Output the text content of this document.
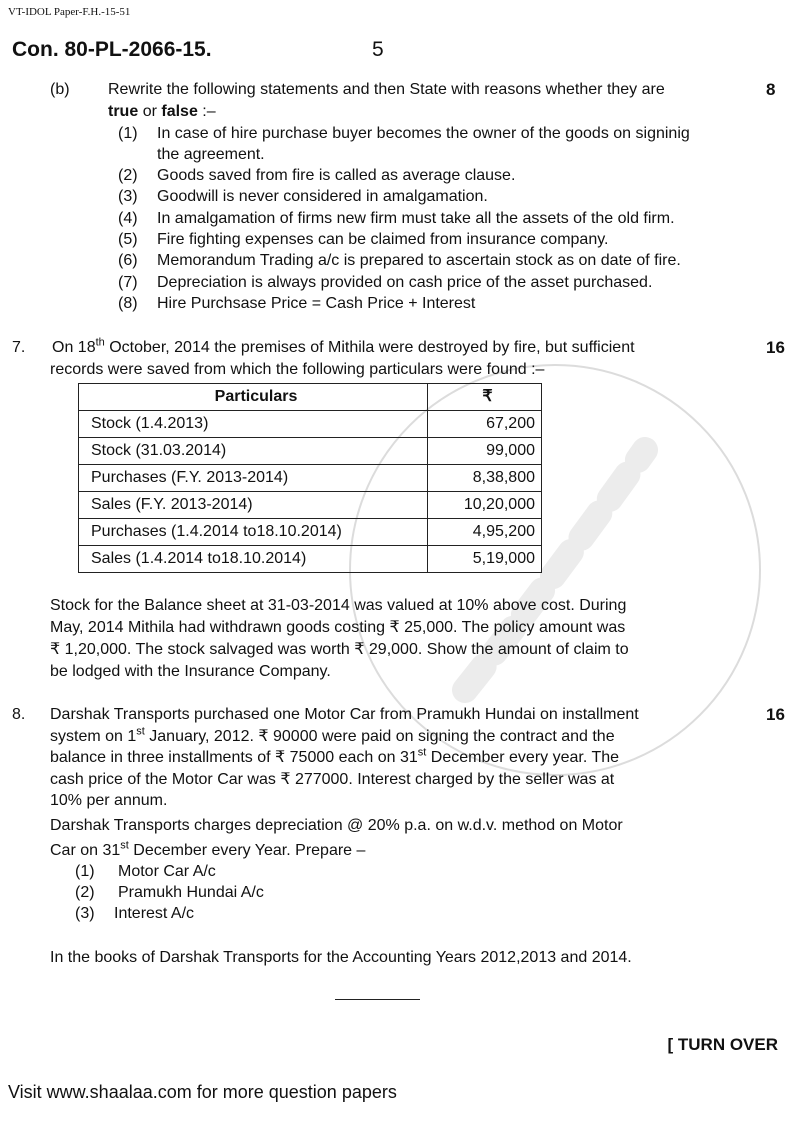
VT-IDOL Paper-F.H.-15-51
Con. 80-PL-2066-15.	5
(b) Rewrite the following statements and then State with reasons whether they are	8
true or false :–
(1) In case of hire purchase buyer becomes the owner of the goods on signinig
the agreement.
(2) Goods saved from fire is called as average clause.
(3) Goodwill is never considered in amalgamation.
(4) In amalgamation of firms new firm must take all the assets of the old firm.
(5) Fire fighting expenses can be claimed from insurance company.
(6) Memorandum Trading a/c is prepared to ascertain stock as on date of fire.
(7) Depreciation is always provided on cash price of the asset purchased.
(8) Hire Purchsase Price = Cash Price + Interest
7. On 18th October, 2014 the premises of Mithila were destroyed by fire, but sufficient	16
records were saved from which the following particulars were found :–
Particulars	₹
Stock (1.4.2013)	67,200
Stock (31.03.2014)	99,000
Purchases (F.Y. 2013-2014)	8,38,800
Sales (F.Y. 2013-2014)	10,20,000
Purchases (1.4.2014 to18.10.2014)	4,95,200
Sales (1.4.2014 to18.10.2014)	5,19,000
Stock for the Balance sheet at 31-03-2014 was valued at 10% above cost. During
May, 2014 Mithila had withdrawn goods costing ₹ 25,000. The policy amount was
₹ 1,20,000. The stock salvaged was worth ₹ 29,000. Show the amount of claim to
be lodged with the Insurance Company.
8.	16
Darshak Transports purchased one Motor Car from Pramukh Hundai on installment
system on 1st January, 2012. ₹ 90000 were paid on signing the contract and the
balance in three installments of ₹ 75000 each on 31st December every year. The
cash price of the Motor Car was ₹ 277000. Interest charged by the seller was at
10% per annum.
Darshak Transports charges depreciation @ 20% p.a. on w.d.v. method on Motor
Car on 31st December every Year. Prepare –
(1) Motor Car A/c
(2) Pramukh Hundai A/c
(3) Interest A/c
In the books of Darshak Transports for the Accounting Years 2012,2013 and 2014.
[ TURN OVER
Visit www.shaalaa.com for more question papers
